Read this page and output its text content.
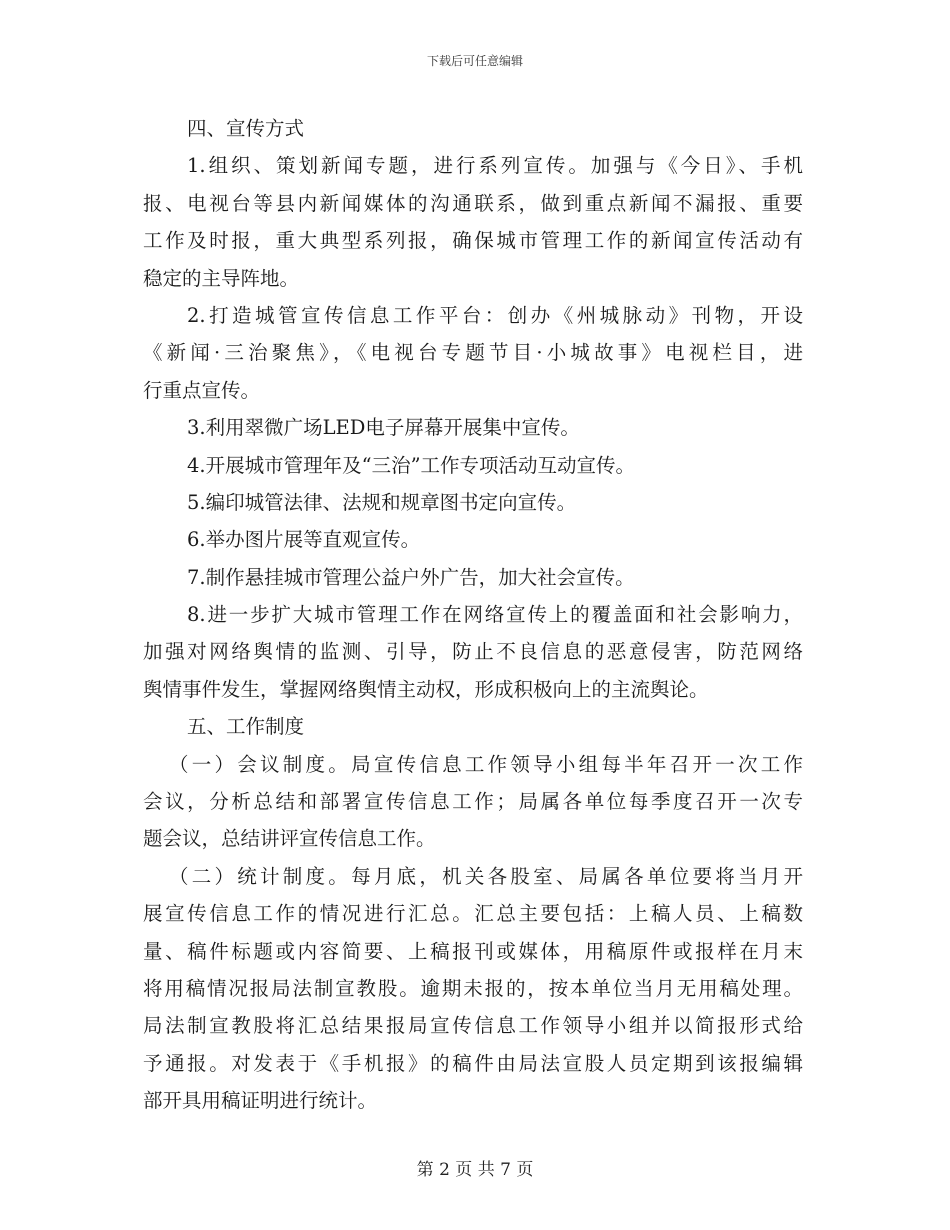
下载后可任意编辑
四、宣传方式
1.组织、策划新闻专题，进行系列宣传。加强与《今日》、手机
报、电视台等县内新闻媒体的沟通联系，做到重点新闻不漏报、重要
工作及时报，重大典型系列报，确保城市管理工作的新闻宣传活动有
稳定的主导阵地。
2.打造城管宣传信息工作平台：创办《州城脉动》刊物，开设
《新闻·三治聚焦》，《电视台专题节目·小城故事》电视栏目，进
行重点宣传。
3.利用翠微广场LED电子屏幕开展集中宣传。
4.开展城市管理年及“三治”工作专项活动互动宣传。
5.编印城管法律、法规和规章图书定向宣传。
6.举办图片展等直观宣传。
7.制作悬挂城市管理公益户外广告，加大社会宣传。
8.进一步扩大城市管理工作在网络宣传上的覆盖面和社会影响力，
加强对网络舆情的监测、引导，防止不良信息的恶意侵害，防范网络
舆情事件发生，掌握网络舆情主动权，形成积极向上的主流舆论。
五、工作制度
（一）会议制度。局宣传信息工作领导小组每半年召开一次工作
会议，分析总结和部署宣传信息工作；局属各单位每季度召开一次专
题会议，总结讲评宣传信息工作。
（二）统计制度。每月底，机关各股室、局属各单位要将当月开
展宣传信息工作的情况进行汇总。汇总主要包括：上稿人员、上稿数
量、稿件标题或内容简要、上稿报刊或媒体，用稿原件或报样在月末
将用稿情况报局法制宣教股。逾期未报的，按本单位当月无用稿处理。
局法制宣教股将汇总结果报局宣传信息工作领导小组并以简报形式给
予通报。对发表于《手机报》的稿件由局法宣股人员定期到该报编辑
部开具用稿证明进行统计。
第 2 页 共 7 页
